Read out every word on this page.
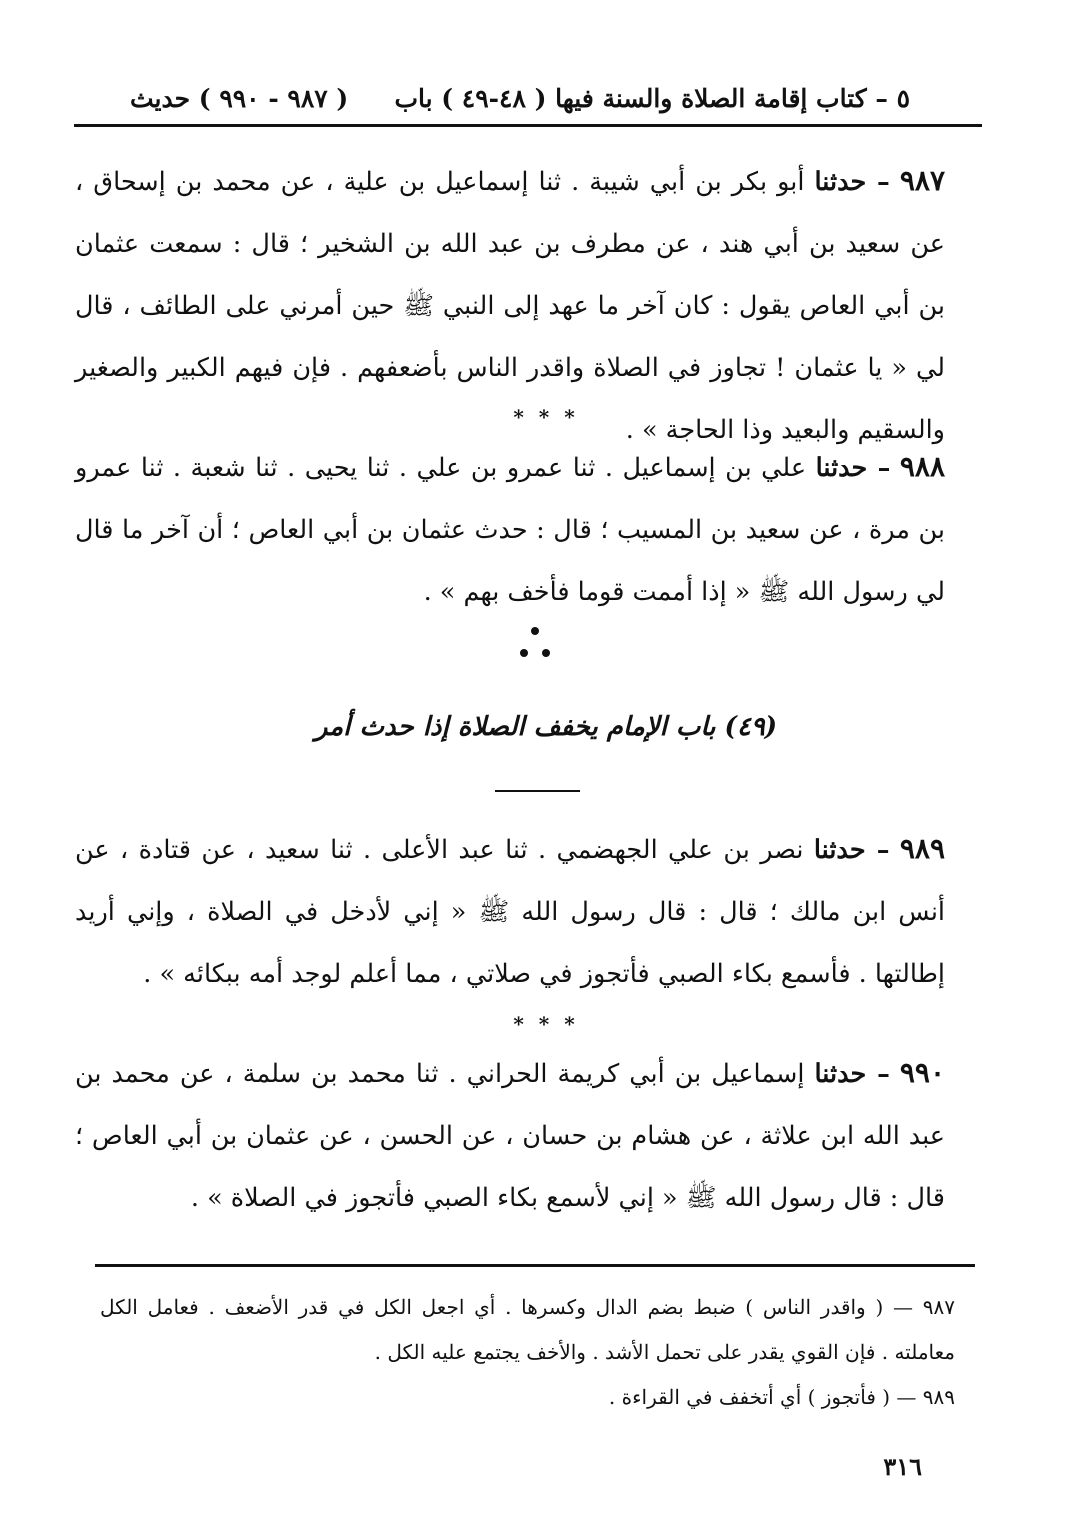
٥ – كتاب إقامة الصلاة والسنة فيها ( ٤٨-٤٩ ) باب
( ٩٨٧ - ٩٩٠ ) حديث
٩٨٧ – حدثنا أبو بكر بن أبي شيبة . ثنا إسماعيل بن علية ، عن محمد بن إسحاق ، عن سعيد بن أبي هند ، عن مطرف بن عبد الله بن الشخير ؛ قال : سمعت عثمان بن أبي العاص يقول : كان آخر ما عهد إلى النبي ﷺ حين أمرني على الطائف ، قال لي « يا عثمان ! تجاوز في الصلاة واقدر الناس بأضعفهم . فإن فيهم الكبير والصغير والسقيم والبعيد وذا الحاجة » .
* * *
٩٨٨ – حدثنا علي بن إسماعيل . ثنا عمرو بن علي . ثنا يحيى . ثنا شعبة . ثنا عمرو بن مرة ، عن سعيد بن المسيب ؛ قال : حدث عثمان بن أبي العاص ؛ أن آخر ما قال لي رسول الله ﷺ « إذا أممت قوما فأخف بهم » .
(٤٩) باب الإمام يخفف الصلاة إذا حدث أمر
٩٨٩ – حدثنا نصر بن علي الجهضمي . ثنا عبد الأعلى . ثنا سعيد ، عن قتادة ، عن أنس ابن مالك ؛ قال : قال رسول الله ﷺ « إني لأدخل في الصلاة ، وإني أريد إطالتها . فأسمع بكاء الصبي فأتجوز في صلاتي ، مما أعلم لوجد أمه ببكائه » .
* * *
٩٩٠ – حدثنا إسماعيل بن أبي كريمة الحراني . ثنا محمد بن سلمة ، عن محمد بن عبد الله ابن علاثة ، عن هشام بن حسان ، عن الحسن ، عن عثمان بن أبي العاص ؛ قال : قال رسول الله ﷺ « إني لأسمع بكاء الصبي فأتجوز في الصلاة » .

٩٨٧ — ( واقدر الناس ) ضبط بضم الدال وكسرها . أي اجعل الكل في قدر الأضعف . فعامل الكل معاملته . فإن القوي يقدر على تحمل الأشد . والأخف يجتمع عليه الكل .

٩٨٩ — ( فأتجوز ) أي أتخفف في القراءة .

٣١٦
